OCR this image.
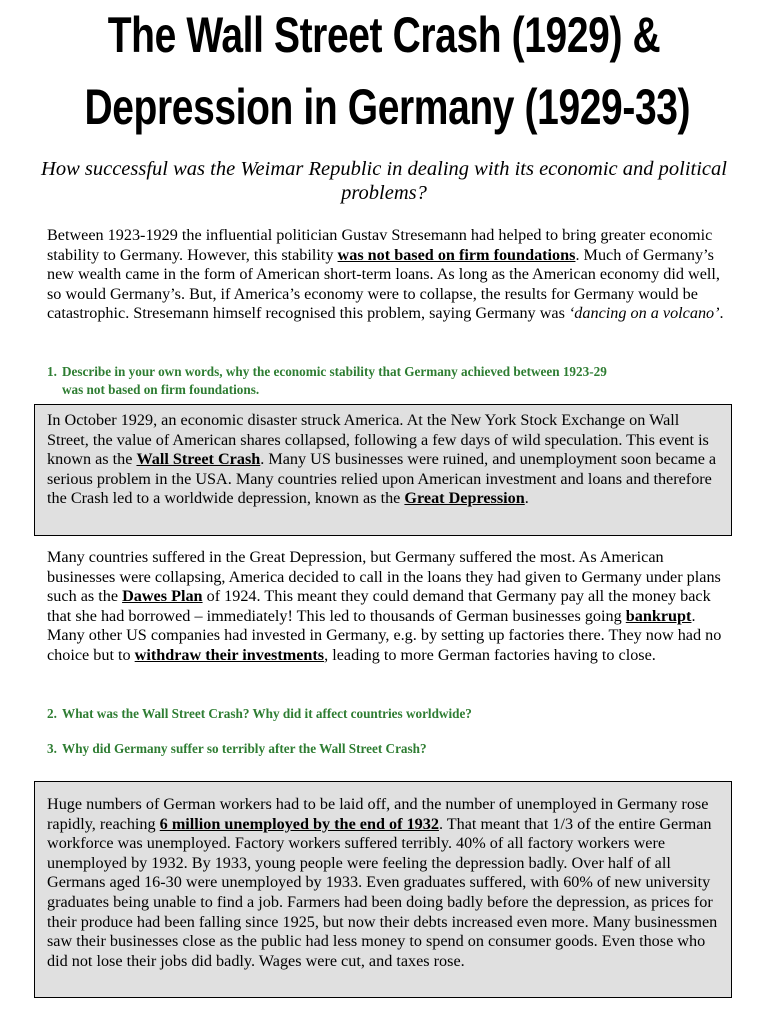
The Wall Street Crash (1929) &
Depression in Germany (1929-33)
How successful was the Weimar Republic in dealing with its economic and political problems?
Between 1923-1929 the influential politician Gustav Stresemann had helped to bring greater economic stability to Germany. However, this stability was not based on firm foundations. Much of Germany’s new wealth came in the form of American short-term loans. As long as the American economy did well, so would Germany’s. But, if America’s economy were to collapse, the results for Germany would be catastrophic. Stresemann himself recognised this problem, saying Germany was ‘dancing on a volcano’.
1. Describe in your own words, why the economic stability that Germany achieved between 1923-29
was not based on firm foundations.
In October 1929, an economic disaster struck America. At the New York Stock Exchange on Wall Street, the value of American shares collapsed, following a few days of wild speculation. This event is known as the Wall Street Crash. Many US businesses were ruined, and unemployment soon became a serious problem in the USA. Many countries relied upon American investment and loans and therefore the Crash led to a worldwide depression, known as the Great Depression.
Many countries suffered in the Great Depression, but Germany suffered the most. As American businesses were collapsing, America decided to call in the loans they had given to Germany under plans such as the Dawes Plan of 1924. This meant they could demand that Germany pay all the money back that she had borrowed – immediately! This led to thousands of German businesses going bankrupt. Many other US companies had invested in Germany, e.g. by setting up factories there. They now had no choice but to withdraw their investments, leading to more German factories having to close.
2. What was the Wall Street Crash? Why did it affect countries worldwide?
3. Why did Germany suffer so terribly after the Wall Street Crash?
Huge numbers of German workers had to be laid off, and the number of unemployed in Germany rose rapidly, reaching 6 million unemployed by the end of 1932. That meant that 1/3 of the entire German workforce was unemployed. Factory workers suffered terribly. 40% of all factory workers were unemployed by 1932. By 1933, young people were feeling the depression badly. Over half of all Germans aged 16-30 were unemployed by 1933. Even graduates suffered, with 60% of new university graduates being unable to find a job. Farmers had been doing badly before the depression, as prices for their produce had been falling since 1925, but now their debts increased even more. Many businessmen saw their businesses close as the public had less money to spend on consumer goods. Even those who did not lose their jobs did badly. Wages were cut, and taxes rose.
